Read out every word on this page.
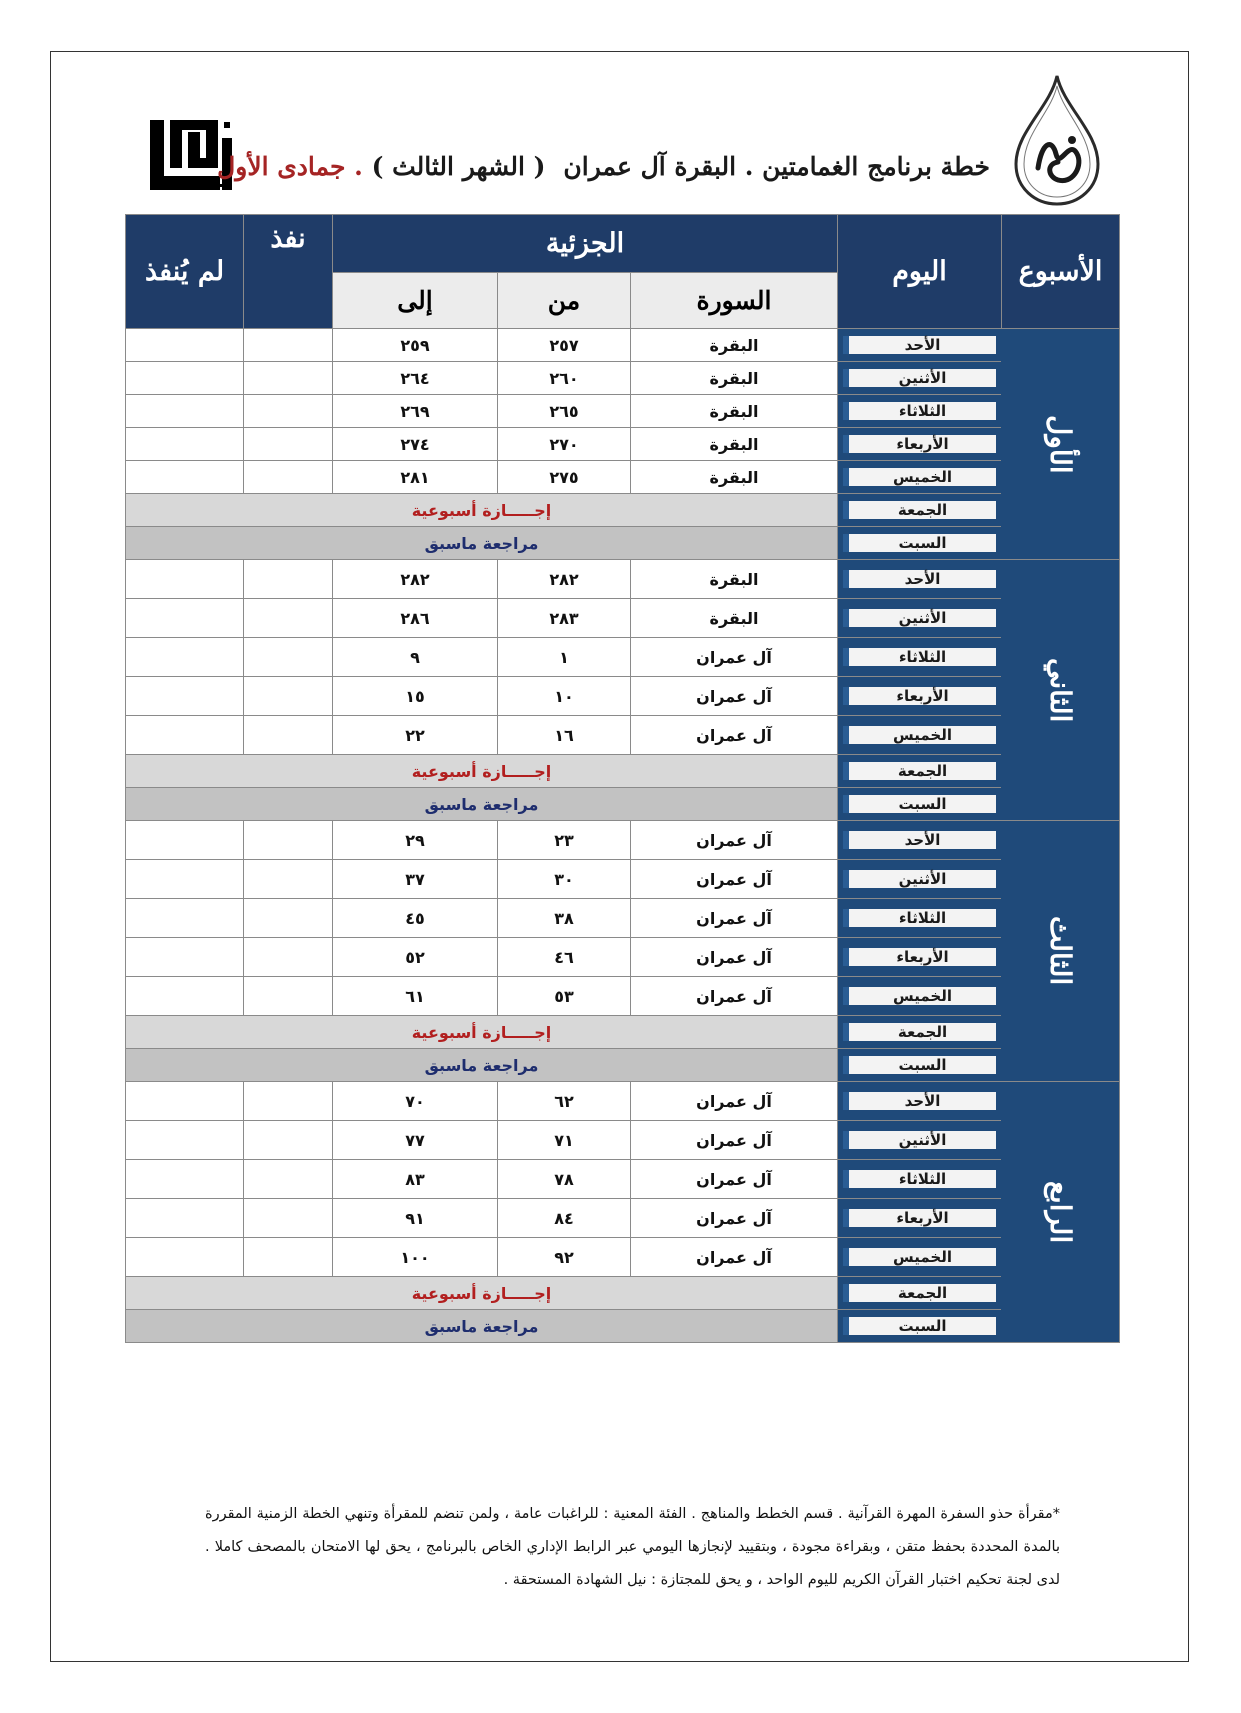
خطة برنامج الغمامتين . البقرة آل عمران( الشهر الثالث ) . جمادى الأول
الأسبوع	اليوم	الجزئية			نفذ	لم يُنفذ
		السورة	من	إلى		

الأول	الأحد	البقرة	٢٥٧	٢٥٩		

الأثنين	البقرة	٢٦٠	٢٦٤		

الثلاثاء	البقرة	٢٦٥	٢٦٩		

الأربعاء	البقرة	٢٧٠	٢٧٤		

الخميس	البقرة	٢٧٥	٢٨١		

الجمعة	إجـــــازة أسبوعية				

السبت	مراجعة ماسبق				

الثاني	الأحد	البقرة	٢٨٢	٢٨٢		

الأثنين	البقرة	٢٨٣	٢٨٦		

الثلاثاء	آل عمران	١	٩		

الأربعاء	آل عمران	١٠	١٥		

الخميس	آل عمران	١٦	٢٢		

الجمعة	إجـــــازة أسبوعية				

السبت	مراجعة ماسبق				

الثالث	الأحد	آل عمران	٢٣	٢٩		

الأثنين	آل عمران	٣٠	٣٧		

الثلاثاء	آل عمران	٣٨	٤٥		

الأربعاء	آل عمران	٤٦	٥٢		

الخميس	آل عمران	٥٣	٦١		

الجمعة	إجـــــازة أسبوعية				

السبت	مراجعة ماسبق				

الرابع	الأحد	آل عمران	٦٢	٧٠		

الأثنين	آل عمران	٧١	٧٧		

الثلاثاء	آل عمران	٧٨	٨٣		

الأربعاء	آل عمران	٨٤	٩١		

الخميس	آل عمران	٩٢	١٠٠		

الجمعة	إجـــــازة أسبوعية				

السبت	مراجعة ماسبق				
*مقرأة حذو السفرة المهرة القرآنية . قسم الخطط والمناهج . الفئة المعنية : للراغبات عامة ، ولمن تنضم للمقرأة وتنهي الخطة الزمنية المقررة بالمدة المحددة بحفظ متقن ، وبقراءة مجودة ، وبتقييد لإنجازها اليومي عبر الرابط الإداري الخاص بالبرنامج ، يحق لها الامتحان بالمصحف كاملا . لدى لجنة تحكيم اختبار القرآن الكريم لليوم الواحد ، و يحق للمجتازة : نيل الشهادة المستحقة .
